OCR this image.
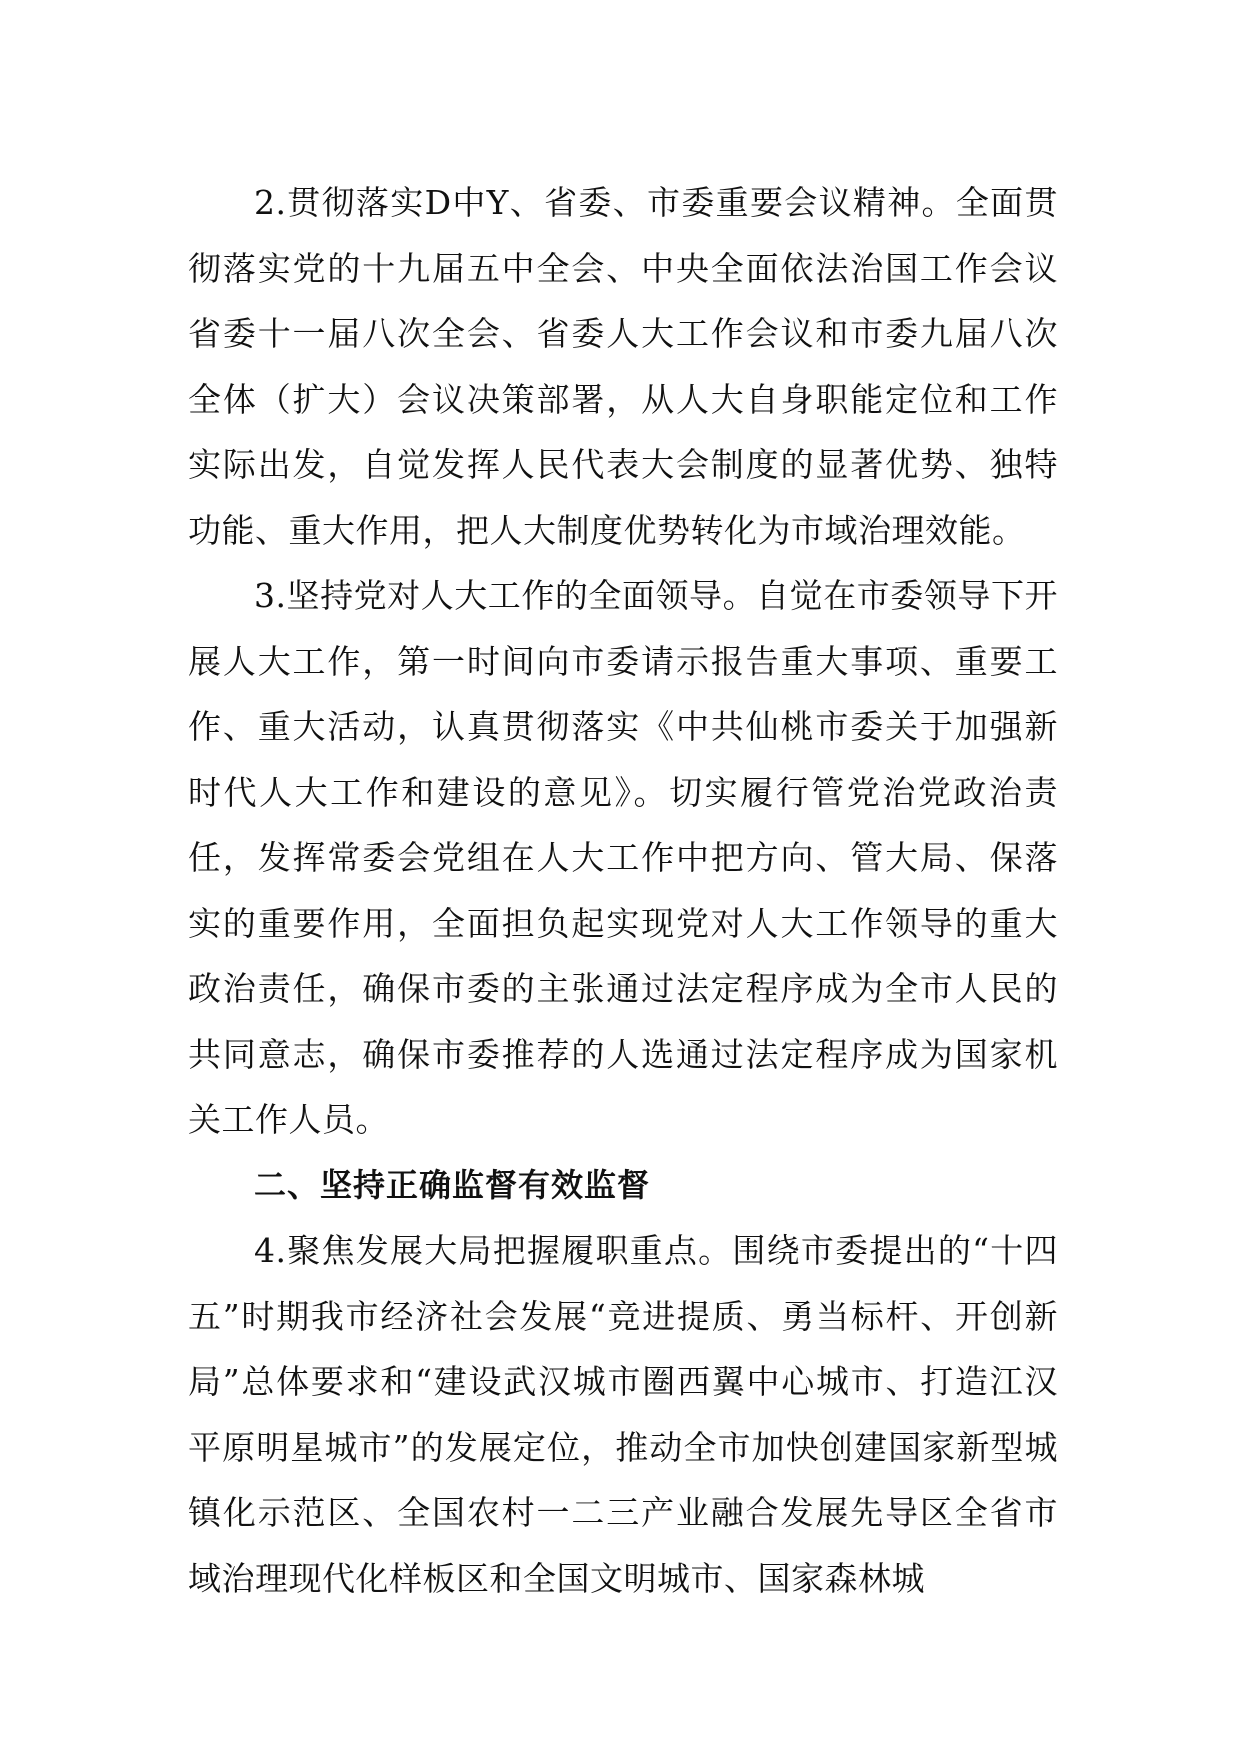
2.贯彻落实D中Y、省委、市委重要会议精神。全面贯彻落实党的十九届五中全会、中央全面依法治国工作会议省委十一届八次全会、省委人大工作会议和市委九届八次全体（扩大）会议决策部署，从人大自身职能定位和工作实际出发，自觉发挥人民代表大会制度的显著优势、独特功能、重大作用，把人大制度优势转化为市域治理效能。

3.坚持党对人大工作的全面领导。自觉在市委领导下开展人大工作，第一时间向市委请示报告重大事项、重要工作、重大活动，认真贯彻落实《中共仙桃市委关于加强新时代人大工作和建设的意见》。切实履行管党治党政治责任，发挥常委会党组在人大工作中把方向、管大局、保落实的重要作用，全面担负起实现党对人大工作领导的重大政治责任，确保市委的主张通过法定程序成为全市人民的共同意志，确保市委推荐的人选通过法定程序成为国家机关工作人员。

二、坚持正确监督有效监督

4.聚焦发展大局把握履职重点。围绕市委提出的“十四五”时期我市经济社会发展“竞进提质、勇当标杆、开创新局”总体要求和“建设武汉城市圈西翼中心城市、打造江汉平原明星城市”的发展定位，推动全市加快创建国家新型城镇化示范区、全国农村一二三产业融合发展先导区全省市域治理现代化样板区和全国文明城市、国家森林城
